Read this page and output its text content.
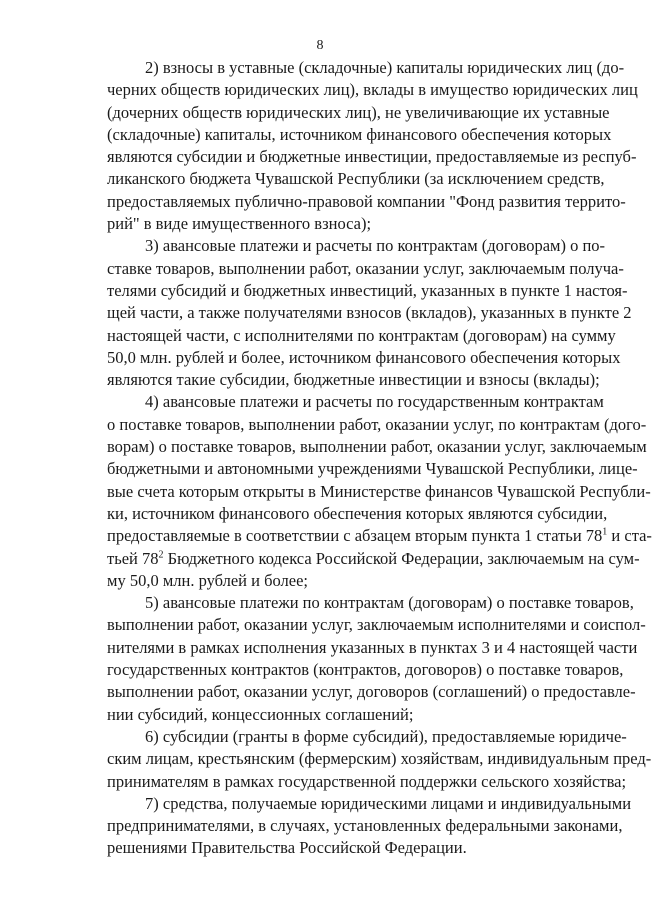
8
2) взносы в уставные (складочные) капиталы юридических лиц (до-
черних обществ юридических лиц), вклады в имущество юридических лиц
(дочерних обществ юридических лиц), не увеличивающие их уставные
(складочные) капиталы, источником финансового обеспечения которых
являются субсидии и бюджетные инвестиции, предоставляемые из респуб-
ликанского бюджета Чувашской Республики (за исключением средств,
предоставляемых публично-правовой компании "Фонд развития террито-
рий" в виде имущественного взноса);
3) авансовые платежи и расчеты по контрактам (договорам) о по-
ставке товаров, выполнении работ, оказании услуг, заключаемым получа-
телями субсидий и бюджетных инвестиций, указанных в пункте 1 настоя-
щей части, а также получателями взносов (вкладов), указанных в пункте 2
настоящей части, с исполнителями по контрактам (договорам) на сумму
50,0 млн. рублей и более, источником финансового обеспечения которых
являются такие субсидии, бюджетные инвестиции и взносы (вклады);
4) авансовые платежи и расчеты по государственным контрактам
о поставке товаров, выполнении работ, оказании услуг, по контрактам (дого-
ворам) о поставке товаров, выполнении работ, оказании услуг, заключаемым
бюджетными и автономными учреждениями Чувашской Республики, лице-
вые счета которым открыты в Министерстве финансов Чувашской Республи-
ки, источником финансового обеспечения которых являются субсидии,
предоставляемые в соответствии с абзацем вторым пункта 1 статьи $78^1$ и ста-
тьей $78^2$ Бюджетного кодекса Российской Федерации, заключаемым на сум-
му 50,0 млн. рублей и более;
5) авансовые платежи по контрактам (договорам) о поставке товаров,
выполнении работ, оказании услуг, заключаемым исполнителями и соиспол-
нителями в рамках исполнения указанных в пунктах 3 и 4 настоящей части
государственных контрактов (контрактов, договоров) о поставке товаров,
выполнении работ, оказании услуг, договоров (соглашений) о предоставле-
нии субсидий, концессионных соглашений;
6) субсидии (гранты в форме субсидий), предоставляемые юридиче-
ским лицам, крестьянским (фермерским) хозяйствам, индивидуальным пред-
принимателям в рамках государственной поддержки сельского хозяйства;
7) средства, получаемые юридическими лицами и индивидуальными
предпринимателями, в случаях, установленных федеральными законами,
решениями Правительства Российской Федерации.
